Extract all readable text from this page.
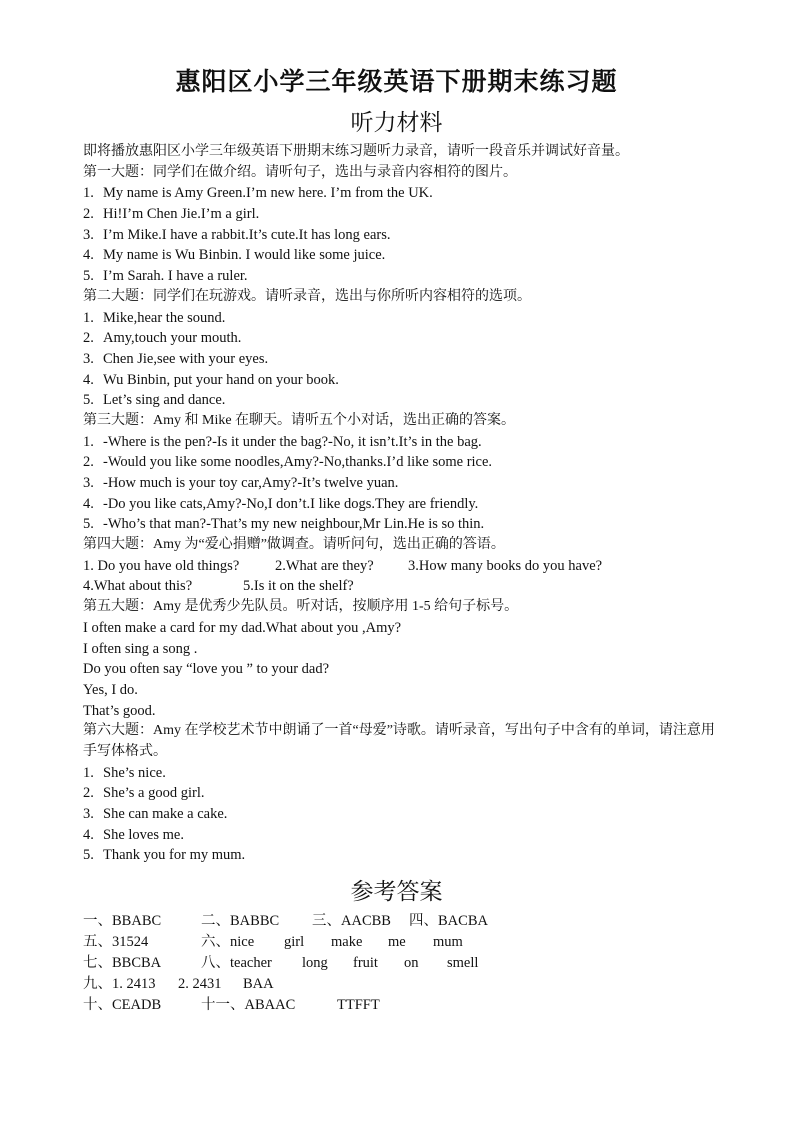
惠阳区小学三年级英语下册期末练习题
听力材料
即将播放惠阳区小学三年级英语下册期末练习题听力录音，请听一段音乐并调试好音量。
第一大题：同学们在做介绍。请听句子，选出与录音内容相符的图片。
1. My name is Amy Green.I’m new here. I’m from the UK.
2. Hi!I’m Chen Jie.I’m a girl.
3. I’m Mike.I have a rabbit.It’s cute.It has long ears.
4. My name is Wu Binbin. I would like some juice.
5. I’m Sarah. I have a ruler.
第二大题：同学们在玩游戏。请听录音，选出与你所听内容相符的选项。
1. Mike,hear the sound.
2. Amy,touch your mouth.
3. Chen Jie,see with your eyes.
4. Wu Binbin, put your hand on your book.
5. Let’s sing and dance.
第三大题：Amy 和 Mike 在聊天。请听五个小对话，选出正确的答案。
1. -Where is the pen?-Is it under the bag?-No, it isn’t.It’s in the bag.
2. -Would you like some noodles,Amy?-No,thanks.I’d like some rice.
3. -How much is your toy car,Amy?-It’s twelve yuan.
4. -Do you like cats,Amy?-No,I don’t.I like dogs.They are friendly.
5. -Who’s that man?-That’s my new neighbour,Mr Lin.He is so thin.
第四大题：Amy 为“爱心捐赠”做调查。请听问句，选出正确的答语。
1. Do you have old things? 2.What are they? 3.How many books do you have?
4.What about this?	5.Is it on the shelf?
第五大题：Amy 是优秀少先队员。听对话，按顺序用 1-5 给句子标号。
I often make a card for my dad.What about you ,Amy?
I often sing a song .
Do you often say “love you ” to your dad?
Yes, I do.
That’s good.
第六大题：Amy 在学校艺术节中朗诵了一首“母爱”诗歌。请听录音，写出句子中含有的单词，请注意用手写体格式。
1. She’s nice.
2. She’s a good girl.
3. She can make a cake.
4. She loves me.
5. Thank you for my mum.
参考答案
一、BBABC	二、BABBC 三、AACBB 四、BACBA
五、31524	六、nice girl make me mum
七、BBCBA	八、teacher long fruit on smell
九、1. 2413 2. 2431 BAA
十、CEADB	十一、ABAAC	TTFFT
